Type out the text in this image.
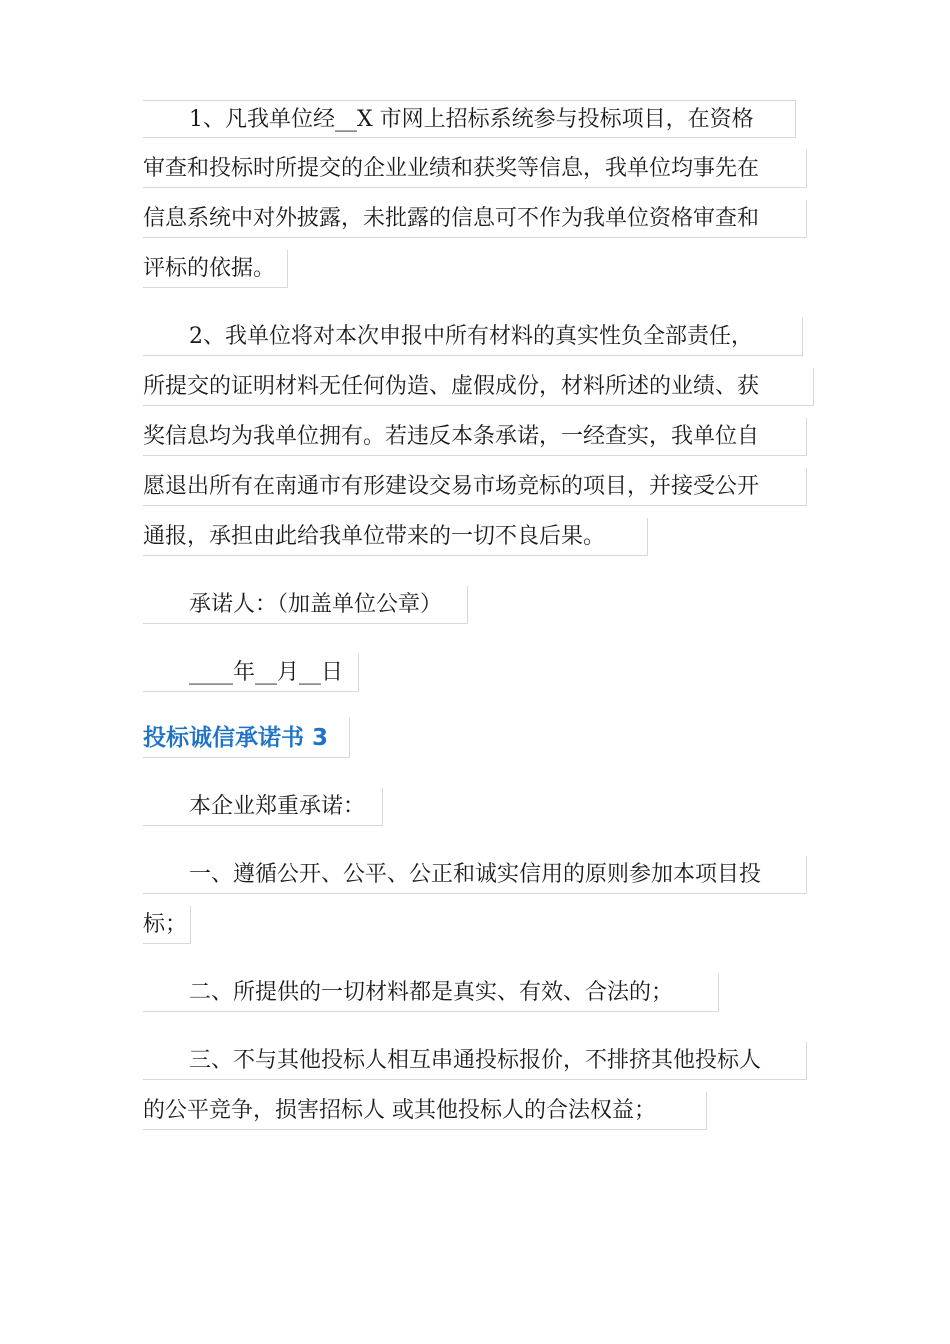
1、凡我单位经__X 市网上招标系统参与投标项目，在资格
审查和投标时所提交的企业业绩和获奖等信息，我单位均事先在
信息系统中对外披露，未批露的信息可不作为我单位资格审查和
评标的依据。
2、我单位将对本次申报中所有材料的真实性负全部责任，
所提交的证明材料无任何伪造、虚假成份，材料所述的业绩、获
奖信息均为我单位拥有。若违反本条承诺，一经查实，我单位自
愿退出所有在南通市有形建设交易市场竞标的项目，并接受公开
通报，承担由此给我单位带来的一切不良后果。
承诺人：（加盖单位公章）
____年__月__日
投标诚信承诺书 3
本企业郑重承诺：
一、遵循公开、公平、公正和诚实信用的原则参加本项目投
标；
二、所提供的一切材料都是真实、有效、合法的；
三、不与其他投标人相互串通投标报价，不排挤其他投标人
的公平竞争，损害招标人 或其他投标人的合法权益；
